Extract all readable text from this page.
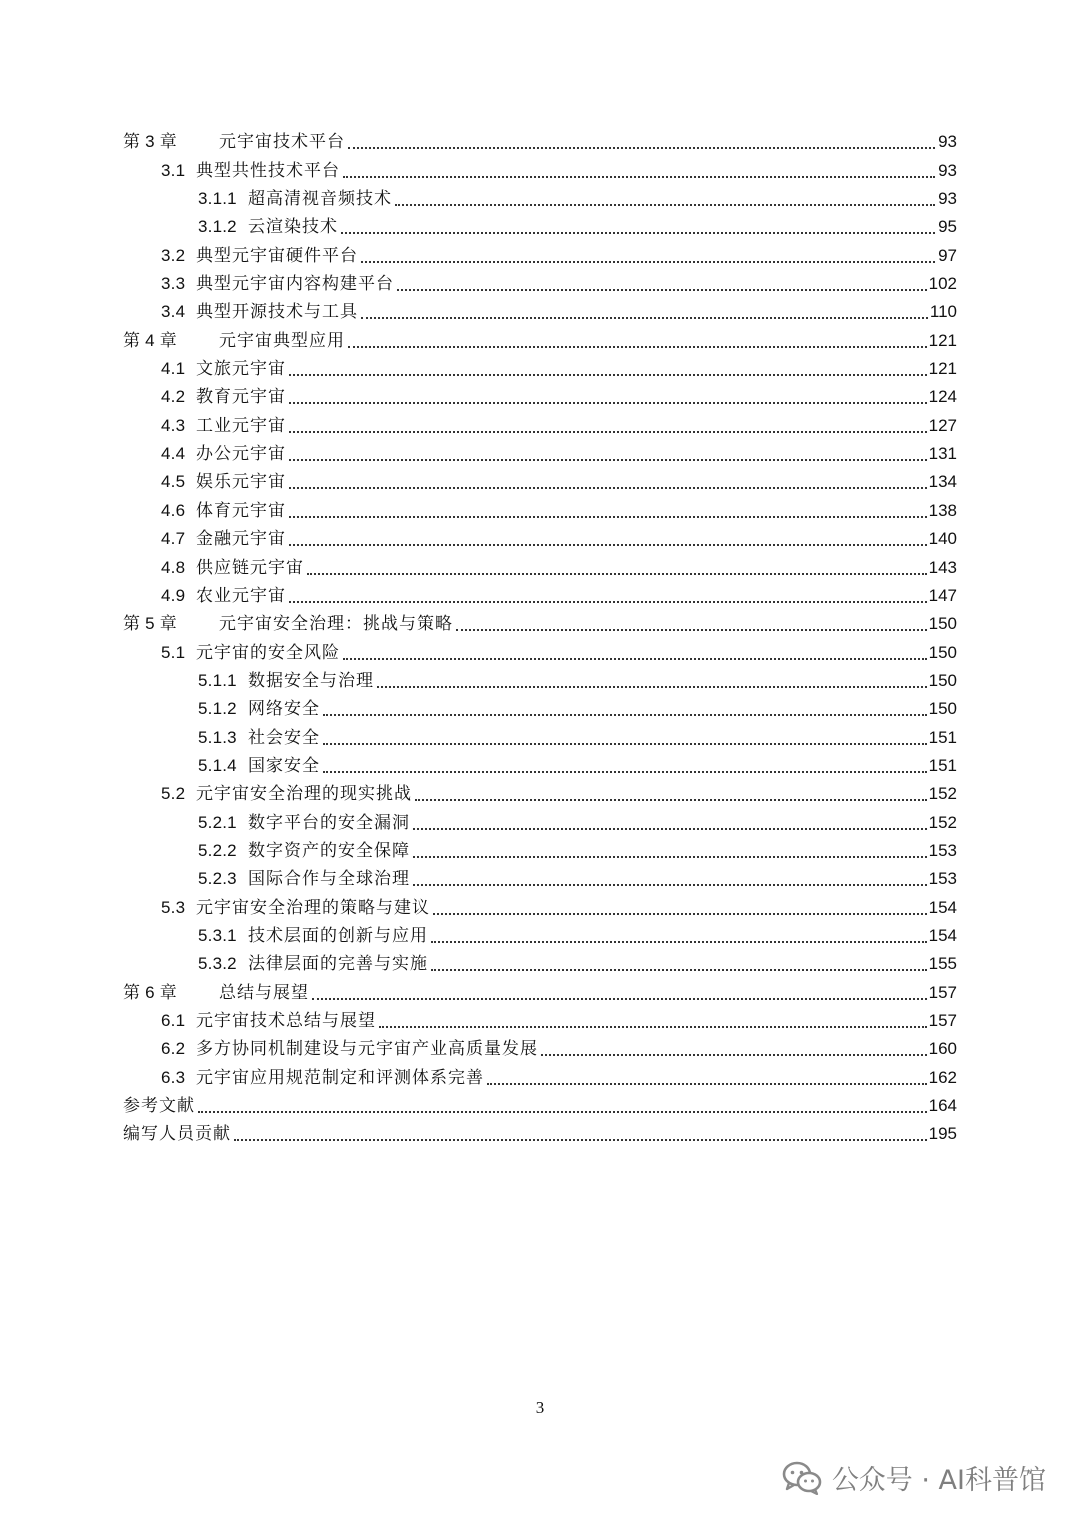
第 3 章	元宇宙技术平台	93
3.1 典型共性技术平台	93
3.1.1 超高清视音频技术	93
3.1.2 云渲染技术	95
3.2 典型元宇宙硬件平台	97
3.3 典型元宇宙内容构建平台	102
3.4 典型开源技术与工具	110
第 4 章	元宇宙典型应用	121
4.1 文旅元宇宙	121
4.2 教育元宇宙	124
4.3 工业元宇宙	127
4.4 办公元宇宙	131
4.5 娱乐元宇宙	134
4.6 体育元宇宙	138
4.7 金融元宇宙	140
4.8 供应链元宇宙	143
4.9 农业元宇宙	147
第 5 章	元宇宙安全治理：挑战与策略	150
5.1 元宇宙的安全风险	150
5.1.1 数据安全与治理	150
5.1.2 网络安全	150
5.1.3 社会安全	151
5.1.4 国家安全	151
5.2 元宇宙安全治理的现实挑战	152
5.2.1 数字平台的安全漏洞	152
5.2.2 数字资产的安全保障	153
5.2.3 国际合作与全球治理	153
5.3 元宇宙安全治理的策略与建议	154
5.3.1 技术层面的创新与应用	154
5.3.2 法律层面的完善与实施	155
第 6 章	总结与展望	157
6.1 元宇宙技术总结与展望	157
6.2 多方协同机制建设与元宇宙产业高质量发展	160
6.3 元宇宙应用规范制定和评测体系完善	162
参考文献	164
编写人员贡献	195
3
公众号 · AI科普馆
